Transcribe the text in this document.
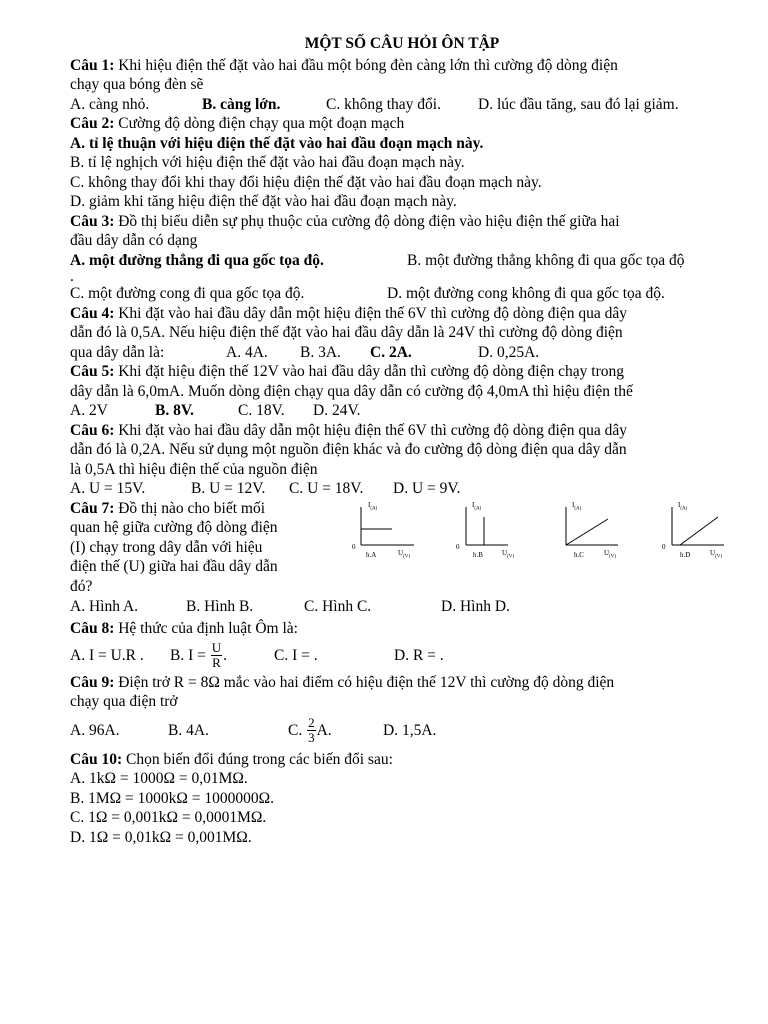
MỘT SỐ CÂU HỎI ÔN TẬP
Câu 1: Khi hiệu điện thế đặt vào hai đầu một bóng đèn càng lớn thì cường độ dòng điện
chạy qua bóng đèn sẽ
A. càng nhỏ.	B. càng lớn.	C. không thay đổi. D. lúc đầu tăng, sau đó lại giảm.
Câu 2: Cường độ dòng điện chạy qua một đoạn mạch
A. tỉ lệ thuận với hiệu điện thế đặt vào hai đầu đoạn mạch này.
B. tỉ lệ nghịch với hiệu điện thế đặt vào hai đầu đoạn mạch này.
C. không thay đổi khi thay đổi hiệu điện thế đặt vào hai đầu đoạn mạch này.
D. giảm khi tăng hiệu điện thế đặt vào hai đầu đoạn mạch này.
Câu 3: Đồ thị biểu diễn sự phụ thuộc của cường độ dòng điện vào hiệu điện thế giữa hai
đầu dây dẫn có dạng
A. một đường thẳng đi qua gốc tọa độ.	B. một đường thẳng không đi qua gốc tọa độ
.
C. một đường cong đi qua gốc tọa độ.	D. một đường cong không đi qua gốc tọa độ.
Câu 4: Khi đặt vào hai đầu dây dẫn một hiệu điện thế 6V thì cường độ dòng điện qua dây
dẫn đó là 0,5A. Nếu hiệu điện thế đặt vào hai đầu dây dẫn là 24V thì cường độ dòng điện
qua dây dẫn là:	A. 4A. B. 3A. C. 2A.	D. 0,25A.
Câu 5: Khi đặt hiệu điện thế 12V vào hai đầu dây dẫn thì cường độ dòng điện chạy trong
dây dẫn là 6,0mA. Muốn dòng điện chạy qua dây dẫn có cường độ 4,0mA thì hiệu điện thế
A. 2V	B. 8V.	C. 18V. D. 24V.
Câu 6: Khi đặt vào hai đầu dây dẫn một hiệu điện thế 6V thì cường độ dòng điện qua dây
dẫn đó là 0,2A. Nếu sử dụng một nguồn điện khác và đo cường độ dòng điện qua dây dẫn
là 0,5A thì hiệu điện thế của nguồn điện
A. U = 15V.	B. U = 12V. C. U = 18V. D. U = 9V.
Câu 7: Đồ thị nào cho biết mối
quan hệ giữa cường độ dòng điện
(I) chạy trong dây dẫn với hiệu
điện thế (U) giữa hai đầu dây dẫn
đó?
$I_{(A)}$
0
$U_{(V)}$
h.A
$I_{(A)}$
0
$U_{(V)}$
h.B
$I_{(A)}$
$U_{(V)}$
h.C
$I_{(A)}$
0
$U_{(V)}$
h.D
A. Hình A.	B. Hình B.	C. Hình C.	D. Hình D.
Câu 8: Hệ thức của định luật Ôm là:
A. I = U.R . B. $I = \frac{U}{R}$ .	C. I = .	D. R = .
Câu 9: Điện trở R = 8Ω mắc vào hai điểm có hiệu điện thế 12V thì cường độ dòng điện
chạy qua điện trở
A. 96A.	B. 4A.	C. $\frac{2}{3} A$.	D. 1,5A.
Câu 10: Chọn biến đổi đúng trong các biến đổi sau:
A. 1kΩ = 1000Ω = 0,01MΩ.
B. 1MΩ = 1000kΩ = 1000000Ω.
C. 1Ω = 0,001kΩ = 0,0001MΩ.
D. 1Ω = 0,01kΩ = 0,001MΩ.
